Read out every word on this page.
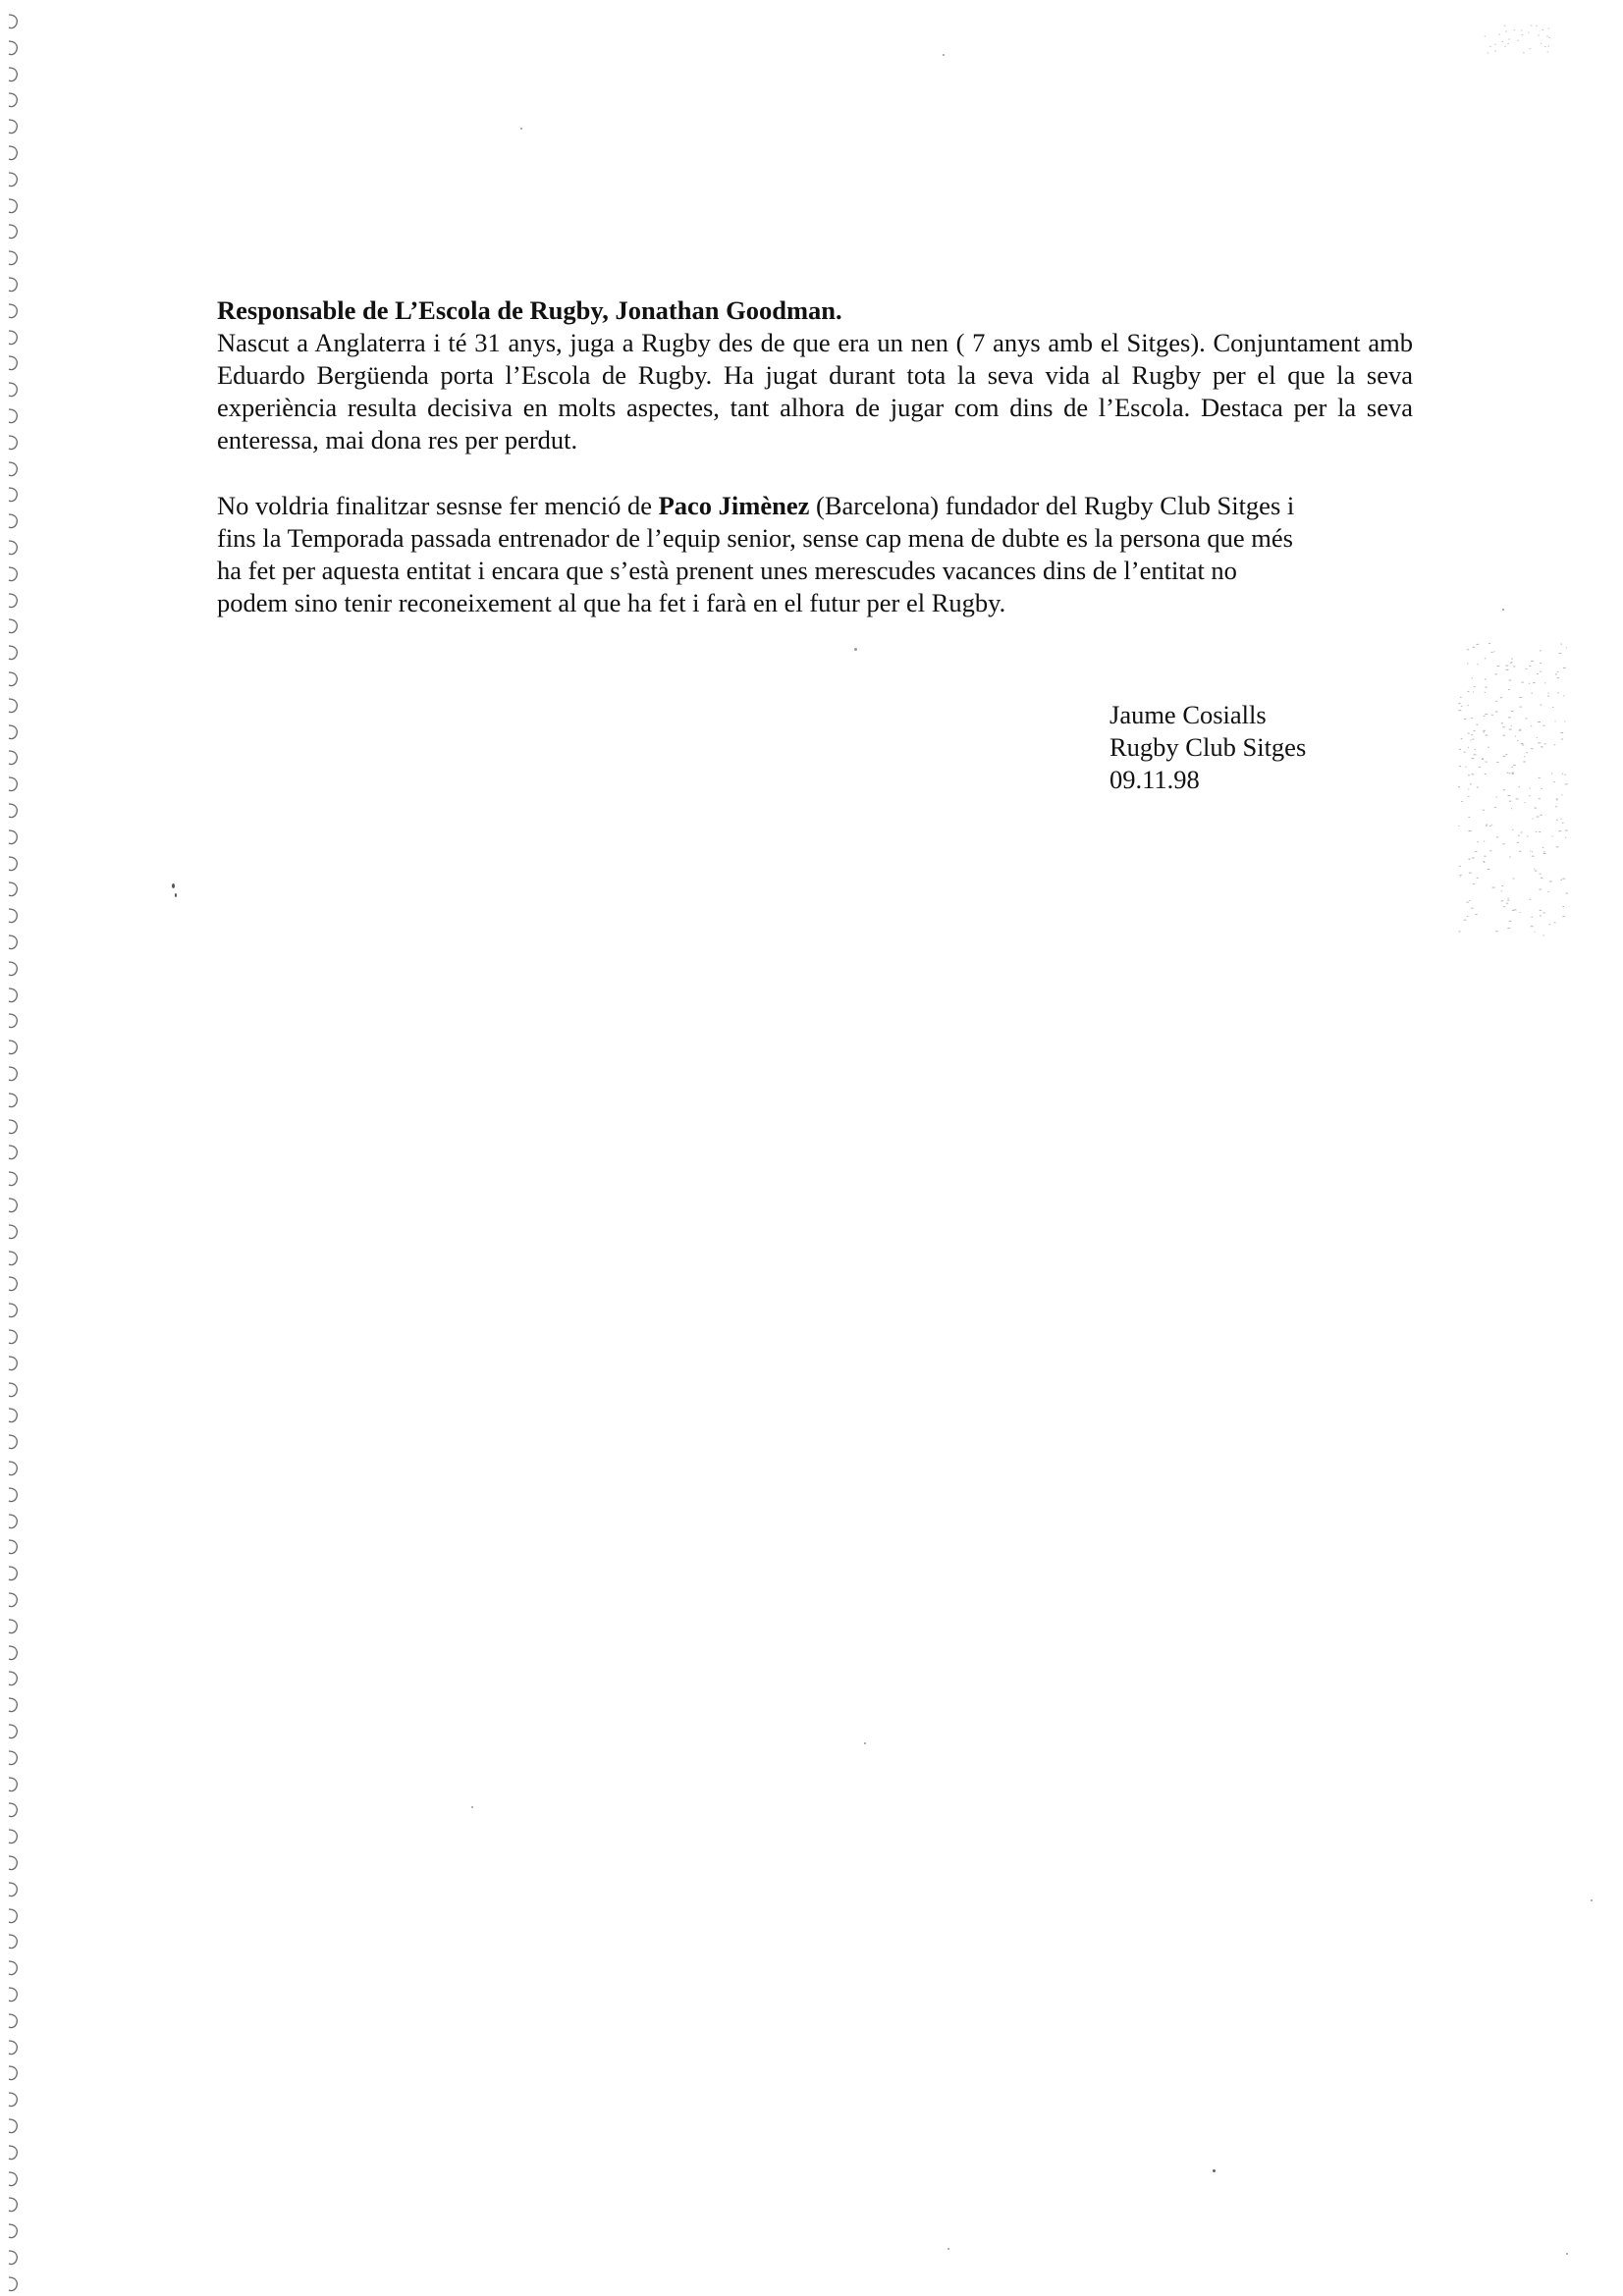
Responsable de L’Escola de Rugby, Jonathan Goodman.

Nascut a Anglaterra i té 31 anys, juga a Rugby des de que era un nen ( 7 anys amb el Sitges). Conjuntament amb Eduardo Bergüenda porta l’Escola de Rugby. Ha jugat durant tota la seva vida al Rugby per el que la seva experiència resulta decisiva en molts aspectes, tant alhora de jugar com dins de l’Escola. Destaca per la seva enteressa, mai dona res per perdut.

No voldria finalitzar sesnse fer menció de Paco Jimènez (Barcelona) fundador del Rugby Club Sitges i

fins la Temporada passada entrenador de l’equip senior, sense cap mena de dubte es la persona que més

ha fet per aquesta entitat i encara que s’està prenent unes merescudes vacances dins de l’entitat no

podem sino tenir reconeixement al que ha fet i farà en el futur per el Rugby.

Jaume Cosialls
Rugby Club Sitges
09.11.98
